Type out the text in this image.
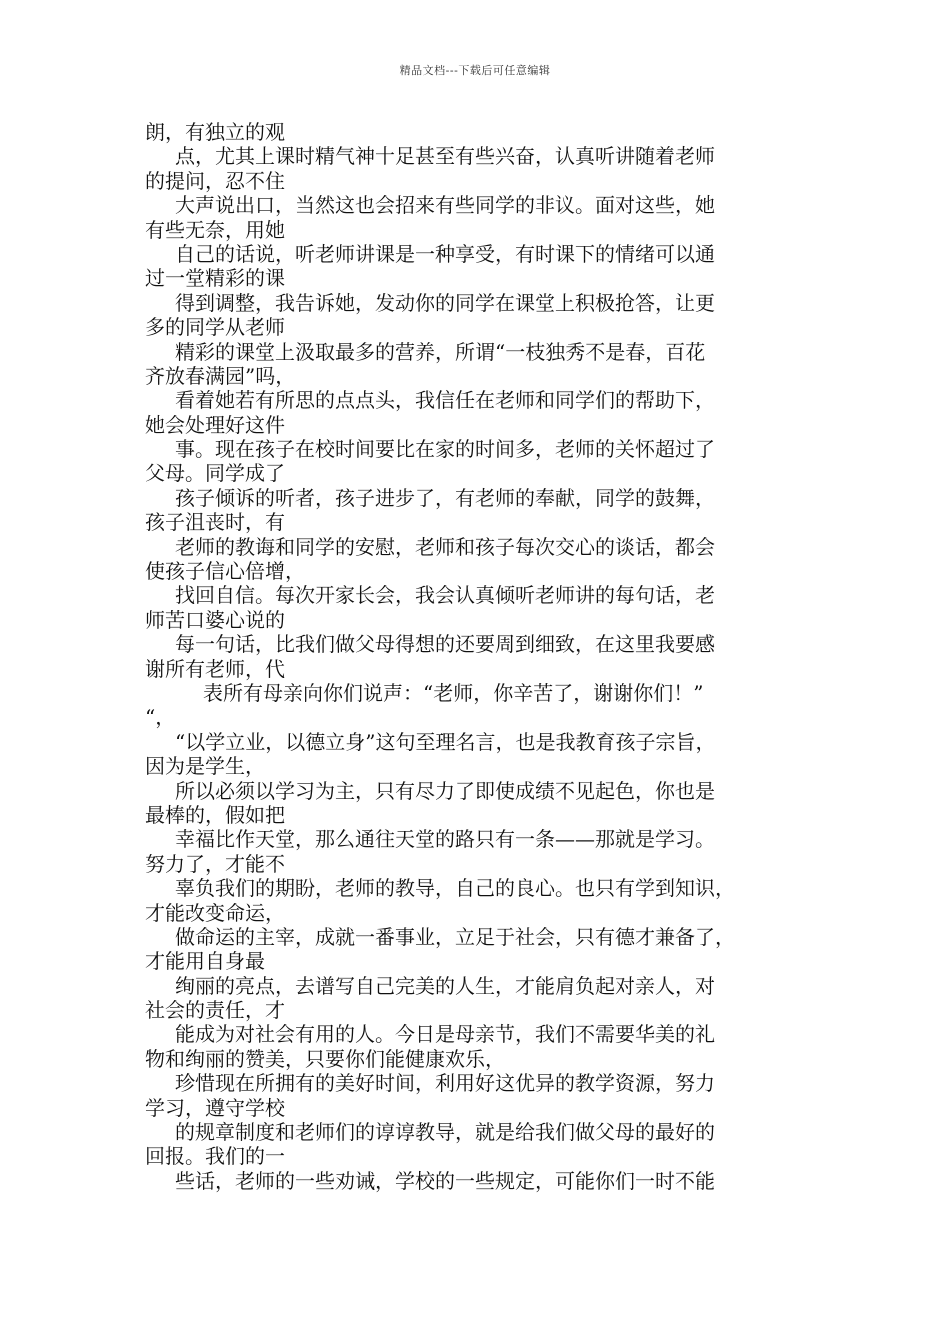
精品文档---下载后可任意编辑
朗，有独立的观
点，尤其上课时精气神十足甚至有些兴奋，认真听讲随着老师
的提问，忍不住
大声说出口，当然这也会招来有些同学的非议。面对这些，她
有些无奈，用她
自己的话说，听老师讲课是一种享受，有时课下的情绪可以通
过一堂精彩的课
得到调整，我告诉她，发动你的同学在课堂上积极抢答，让更
多的同学从老师
精彩的课堂上汲取最多的营养，所谓“一枝独秀不是春，百花
齐放春满园”吗，
看着她若有所思的点点头，我信任在老师和同学们的帮助下，
她会处理好这件
事。现在孩子在校时间要比在家的时间多，老师的关怀超过了
父母。同学成了
孩子倾诉的听者，孩子进步了，有老师的奉献，同学的鼓舞，
孩子沮丧时，有
老师的教诲和同学的安慰，老师和孩子每次交心的谈话，都会
使孩子信心倍增，
找回自信。每次开家长会，我会认真倾听老师讲的每句话，老
师苦口婆心说的
每一句话，比我们做父母得想的还要周到细致，在这里我要感
谢所有老师，代
表所有母亲向你们说声：“老师，你辛苦了，谢谢你们！”
“，
“以学立业，以德立身”这句至理名言，也是我教育孩子宗旨，
因为是学生，
所以必须以学习为主，只有尽力了即使成绩不见起色，你也是
最棒的，假如把
幸福比作天堂，那么通往天堂的路只有一条——那就是学习。
努力了，才能不
辜负我们的期盼，老师的教导，自己的良心。也只有学到知识，
才能改变命运，
做命运的主宰，成就一番事业，立足于社会，只有德才兼备了，
才能用自身最
绚丽的亮点，去谱写自己完美的人生，才能肩负起对亲人，对
社会的责任，才
能成为对社会有用的人。今日是母亲节，我们不需要华美的礼
物和绚丽的赞美，只要你们能健康欢乐，
珍惜现在所拥有的美好时间，利用好这优异的教学资源，努力
学习，遵守学校
的规章制度和老师们的谆谆教导，就是给我们做父母的最好的
回报。我们的一
些话，老师的一些劝诫，学校的一些规定，可能你们一时不能
